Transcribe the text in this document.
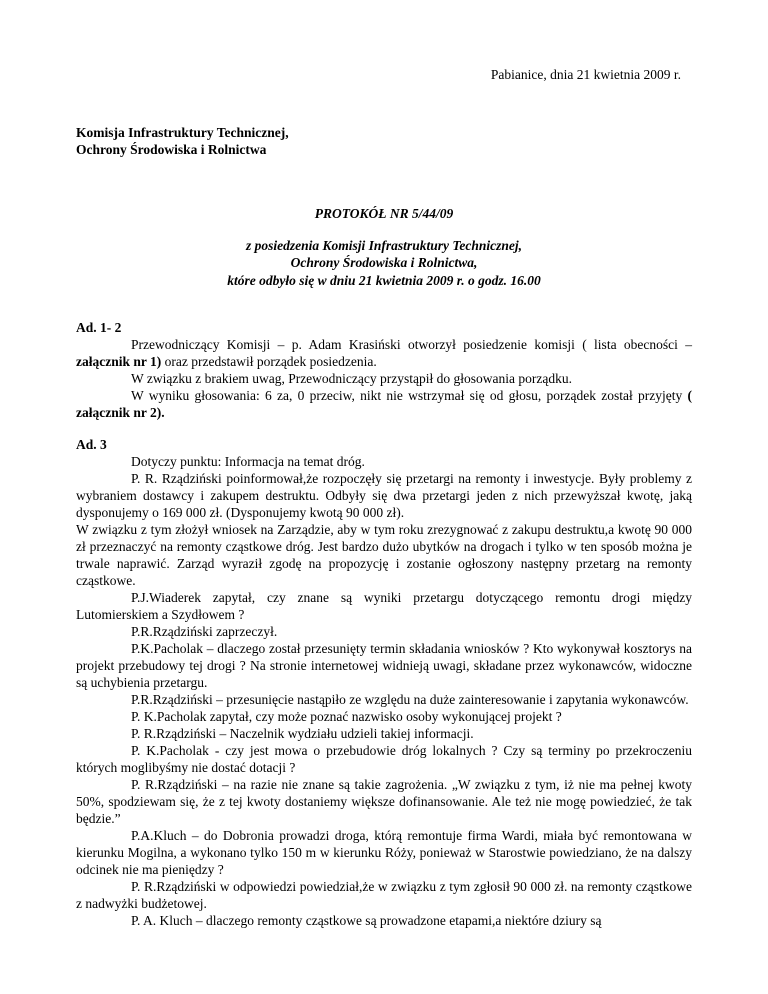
Pabianice, dnia 21 kwietnia 2009 r.
Komisja Infrastruktury Technicznej,
Ochrony Środowiska i Rolnictwa
PROTOKÓŁ NR 5/44/09
z posiedzenia Komisji Infrastruktury Technicznej,
Ochrony Środowiska i Rolnictwa,
które odbyło się w dniu 21 kwietnia 2009 r. o godz. 16.00
Ad. 1- 2

Przewodniczący Komisji – p. Adam Krasiński otworzył posiedzenie komisji ( lista obecności – załącznik nr 1) oraz przedstawił porządek posiedzenia.

W związku z brakiem uwag, Przewodniczący przystąpił do głosowania porządku.

W wyniku głosowania: 6 za, 0 przeciw, nikt nie wstrzymał się od głosu, porządek został przyjęty ( załącznik nr 2).

Ad. 3

Dotyczy punktu: Informacja na temat dróg.

P. R. Rządziński poinformował,że rozpoczęły się przetargi na remonty i inwestycje. Były problemy z wybraniem dostawcy i zakupem destruktu. Odbyły się dwa przetargi jeden z nich przewyższał kwotę, jaką dysponujemy o 169 000 zł. (Dysponujemy kwotą 90 000 zł).

W związku z tym złożył wniosek na Zarządzie, aby w tym roku zrezygnować z zakupu destruktu,a kwotę 90 000 zł przeznaczyć na remonty cząstkowe dróg. Jest bardzo dużo ubytków na drogach i tylko w ten sposób można je trwale naprawić. Zarząd wyraził zgodę na propozycję i zostanie ogłoszony następny przetarg na remonty cząstkowe.

P.J.Wiaderek zapytał, czy znane są wyniki przetargu dotyczącego remontu drogi między Lutomierskiem a Szydłowem ?

P.R.Rządziński zaprzeczył.

P.K.Pacholak – dlaczego został przesunięty termin składania wniosków ? Kto wykonywał kosztorys na projekt przebudowy tej drogi ? Na stronie internetowej widnieją uwagi, składane przez wykonawców, widoczne są uchybienia przetargu.

P.R.Rządziński – przesunięcie nastąpiło ze względu na duże zainteresowanie i zapytania wykonawców.

P. K.Pacholak zapytał, czy może poznać nazwisko osoby wykonującej projekt ?

P. R.Rządziński – Naczelnik wydziału udzieli takiej informacji.

P. K.Pacholak - czy jest mowa o przebudowie dróg lokalnych ? Czy są terminy po przekroczeniu których moglibyśmy nie dostać dotacji ?

P. R.Rządziński – na razie nie znane są takie zagrożenia. „W związku z tym, iż nie ma pełnej kwoty 50%, spodziewam się, że z tej kwoty dostaniemy większe dofinansowanie. Ale też nie mogę powiedzieć, że tak będzie.”

P.A.Kluch – do Dobronia prowadzi droga, którą remontuje firma Wardi, miała być remontowana w kierunku Mogilna, a wykonano tylko 150 m w kierunku Róży, ponieważ w Starostwie powiedziano, że na dalszy odcinek nie ma pieniędzy ?

P. R.Rządziński w odpowiedzi powiedział,że w związku z tym zgłosił 90 000 zł. na remonty cząstkowe z nadwyżki budżetowej.

P. A. Kluch – dlaczego remonty cząstkowe są prowadzone etapami,a niektóre dziury są
